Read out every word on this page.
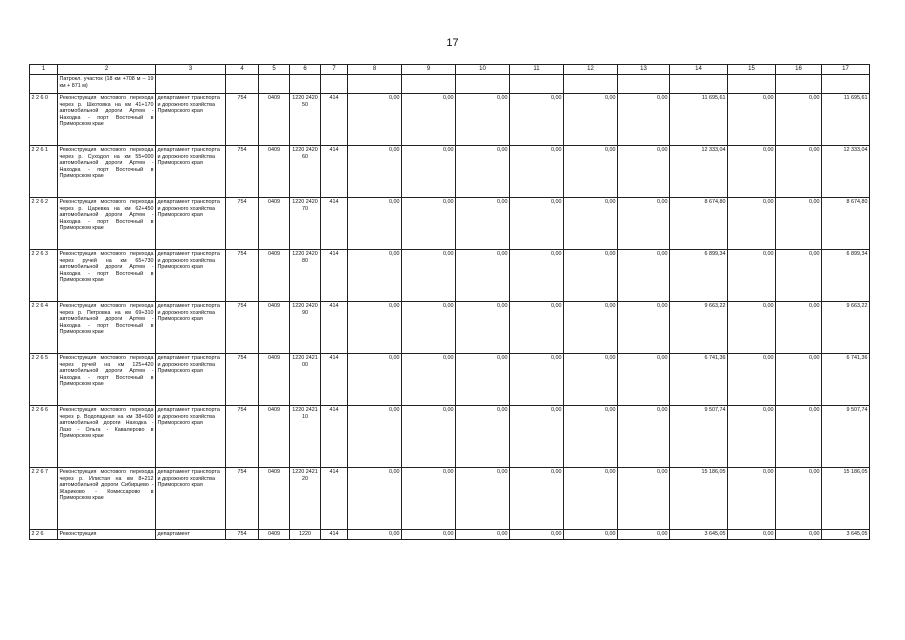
17
1	2	3	4	5	6	7	8	9	10	11	12	13	14	15	16	17
	Патрокл. участок (18 км +708 м – 19 км + 871 м)															
2 2 6 0	Реконструкция мостового перехода через р. Шкотовка на км 41+170 автомобильной дороги Артем - Находка - порт Восточный в Приморском крае	департамент транспорта и дорожного хозяйства Приморского края	754	0409	1220 2420 50	414	0,00	0,00	0,00	0,00	0,00	0,00	11 695,61	0,00	0,00	11 695,61
2 2 6 1	Реконструкция мостового перехода через р. Суходол на км 55+000 автомобильной дороги Артем - Находка - порт Восточный в Приморском крае	департамент транспорта и дорожного хозяйства Приморского края	754	0409	1220 2420 60	414	0,00	0,00	0,00	0,00	0,00	0,00	12 333,04	0,00	0,00	12 333,04
2 2 6 2	Реконструкция мостового перехода через р. Царевка на км 62+450 автомобильной дороги Артем - Находка - порт Восточный в Приморском крае	департамент транспорта и дорожного хозяйства Приморского края	754	0409	1220 2420 70	414	0,00	0,00	0,00	0,00	0,00	0,00	8 674,80	0,00	0,00	8 674,80
2 2 6 3	Реконструкция мостового перехода через ручей на км 65+730 автомобильной дороги Артем - Находка - порт Восточный в Приморском крае	департамент транспорта и дорожного хозяйства Приморского края	754	0409	1220 2420 80	414	0,00	0,00	0,00	0,00	0,00	0,00	6 899,34	0,00	0,00	6 899,34
2 2 6 4	Реконструкция мостового перехода через р. Петровка на км 69+310 автомобильной дороги Артем - Находка - порт Восточный в Приморском крае	департамент транспорта и дорожного хозяйства Приморского края	754	0409	1220 2420 90	414	0,00	0,00	0,00	0,00	0,00	0,00	9 663,22	0,00	0,00	9 663,22
2 2 6 5	Реконструкция мостового перехода через ручей на км 125+420 автомобильной дороги Артем - Находка - порт Восточный в Приморском крае	департамент транспорта и дорожного хозяйства Приморского края	754	0409	1220 2421 00	414	0,00	0,00	0,00	0,00	0,00	0,00	6 741,36	0,00	0,00	6 741,36
2 2 6 6	Реконструкция мостового перехода через р. Водопадная на км 38+600 автомобильной дороги Находка - Лазо - Ольга - Кавалерово в Приморском крае	департамент транспорта и дорожного хозяйства Приморского края	754	0409	1220 2421 10	414	0,00	0,00	0,00	0,00	0,00	0,00	9 507,74	0,00	0,00	9 507,74
2 2 6 7	Реконструкция мостового перехода через р. Илистая на км 8+212 автомобильной дороги Сибирцево - Жариково - Комиссарово в Приморском крае	департамент транспорта и дорожного хозяйства Приморского края	754	0409	1220 2421 20	414	0,00	0,00	0,00	0,00	0,00	0,00	15 186,05	0,00	0,00	15 186,05
2 2 6	Реконструкция	департамент	754	0409	1220	414	0,00	0,00	0,00	0,00	0,00	0,00	3 645,05	0,00	0,00	3 645,05
